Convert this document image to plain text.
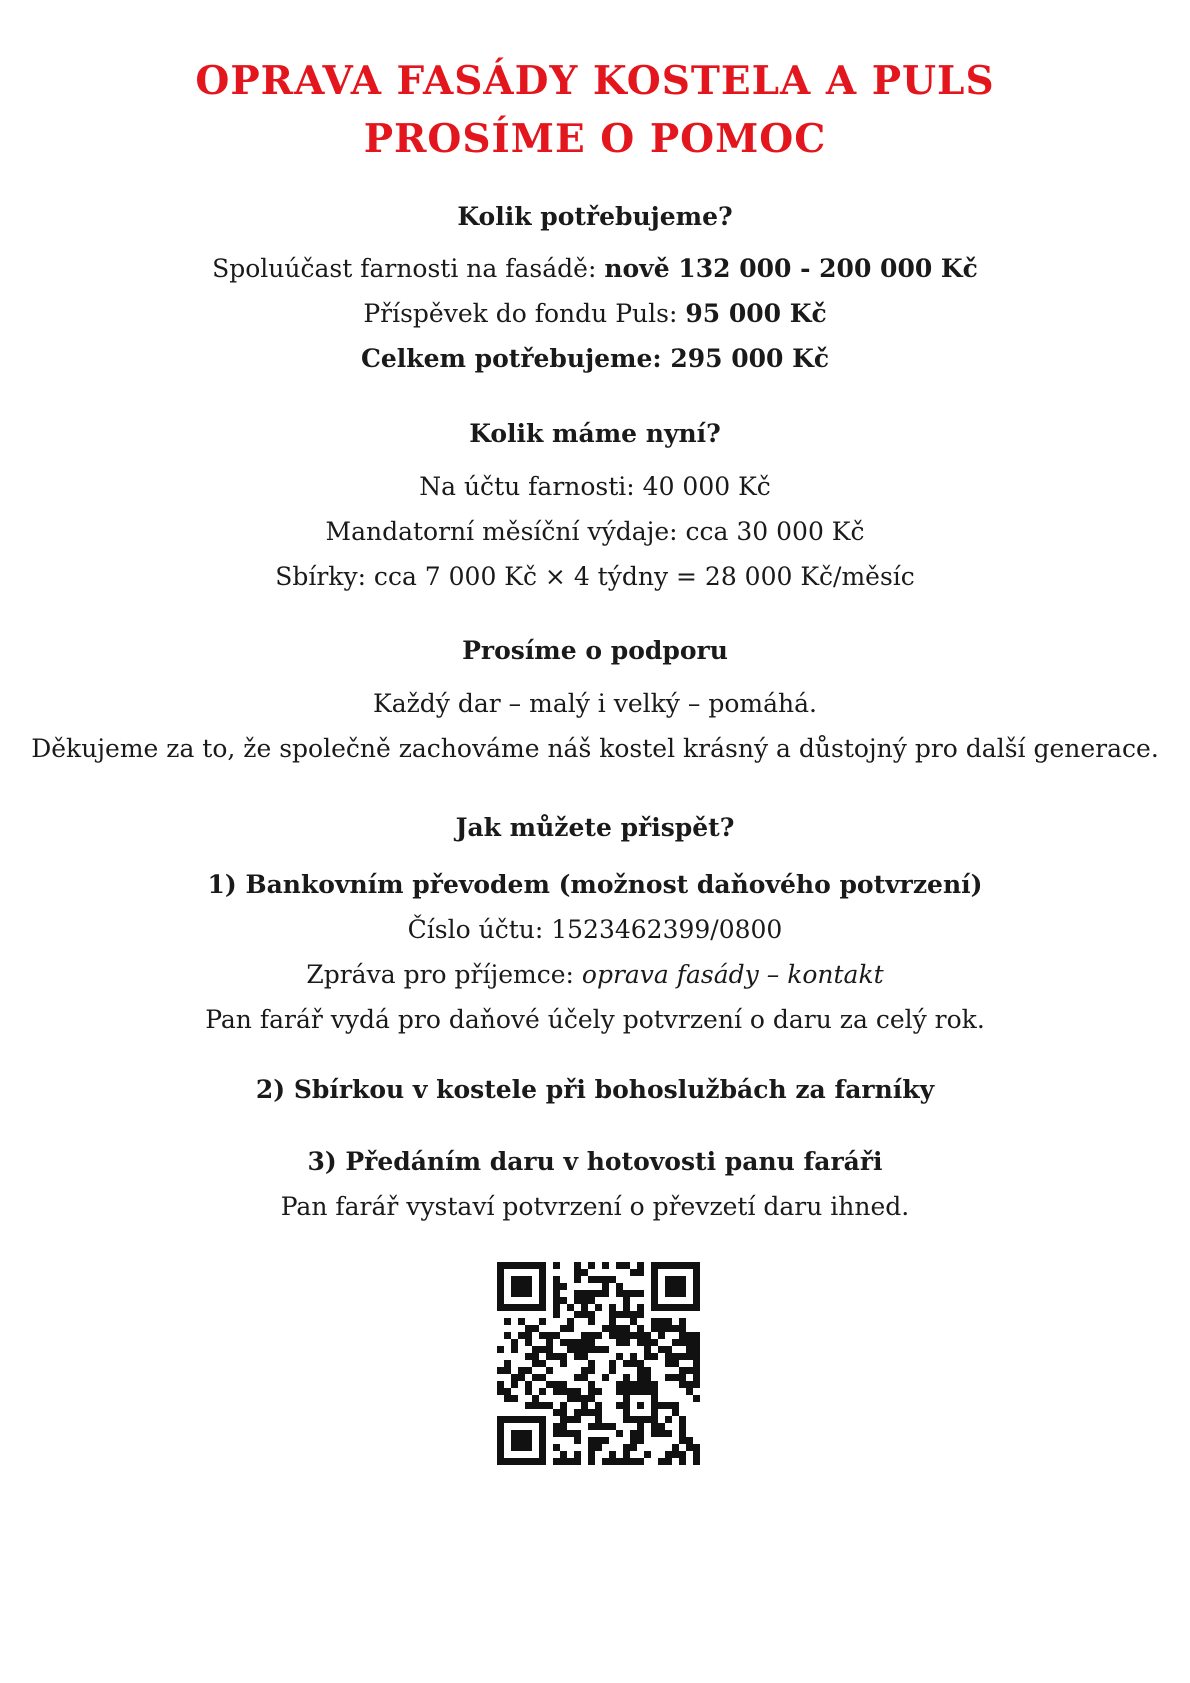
OPRAVA FASÁDY KOSTELA A PULS
PROSÍME O POMOC
Kolik potřebujeme?
Spoluúčast farnosti na fasádě: nově 132 000 - 200 000 Kč
Příspěvek do fondu Puls: 95 000 Kč
Celkem potřebujeme: 295 000 Kč
Kolik máme nyní?
Na účtu farnosti: 40 000 Kč
Mandatorní měsíční výdaje: cca 30 000 Kč
Sbírky: cca 7 000 Kč × 4 týdny = 28 000 Kč/měsíc
Prosíme o podporu
Každý dar – malý i velký – pomáhá.
Děkujeme za to, že společně zachováme náš kostel krásný a důstojný pro další generace.
Jak můžete přispět?
1) Bankovním převodem (možnost daňového potvrzení)
Číslo účtu: 1523462399/0800
Zpráva pro příjemce: oprava fasády – kontakt
Pan farář vydá pro daňové účely potvrzení o daru za celý rok.
2) Sbírkou v kostele při bohoslužbách za farníky
3) Předáním daru v hotovosti panu faráři
Pan farář vystaví potvrzení o převzetí daru ihned.
